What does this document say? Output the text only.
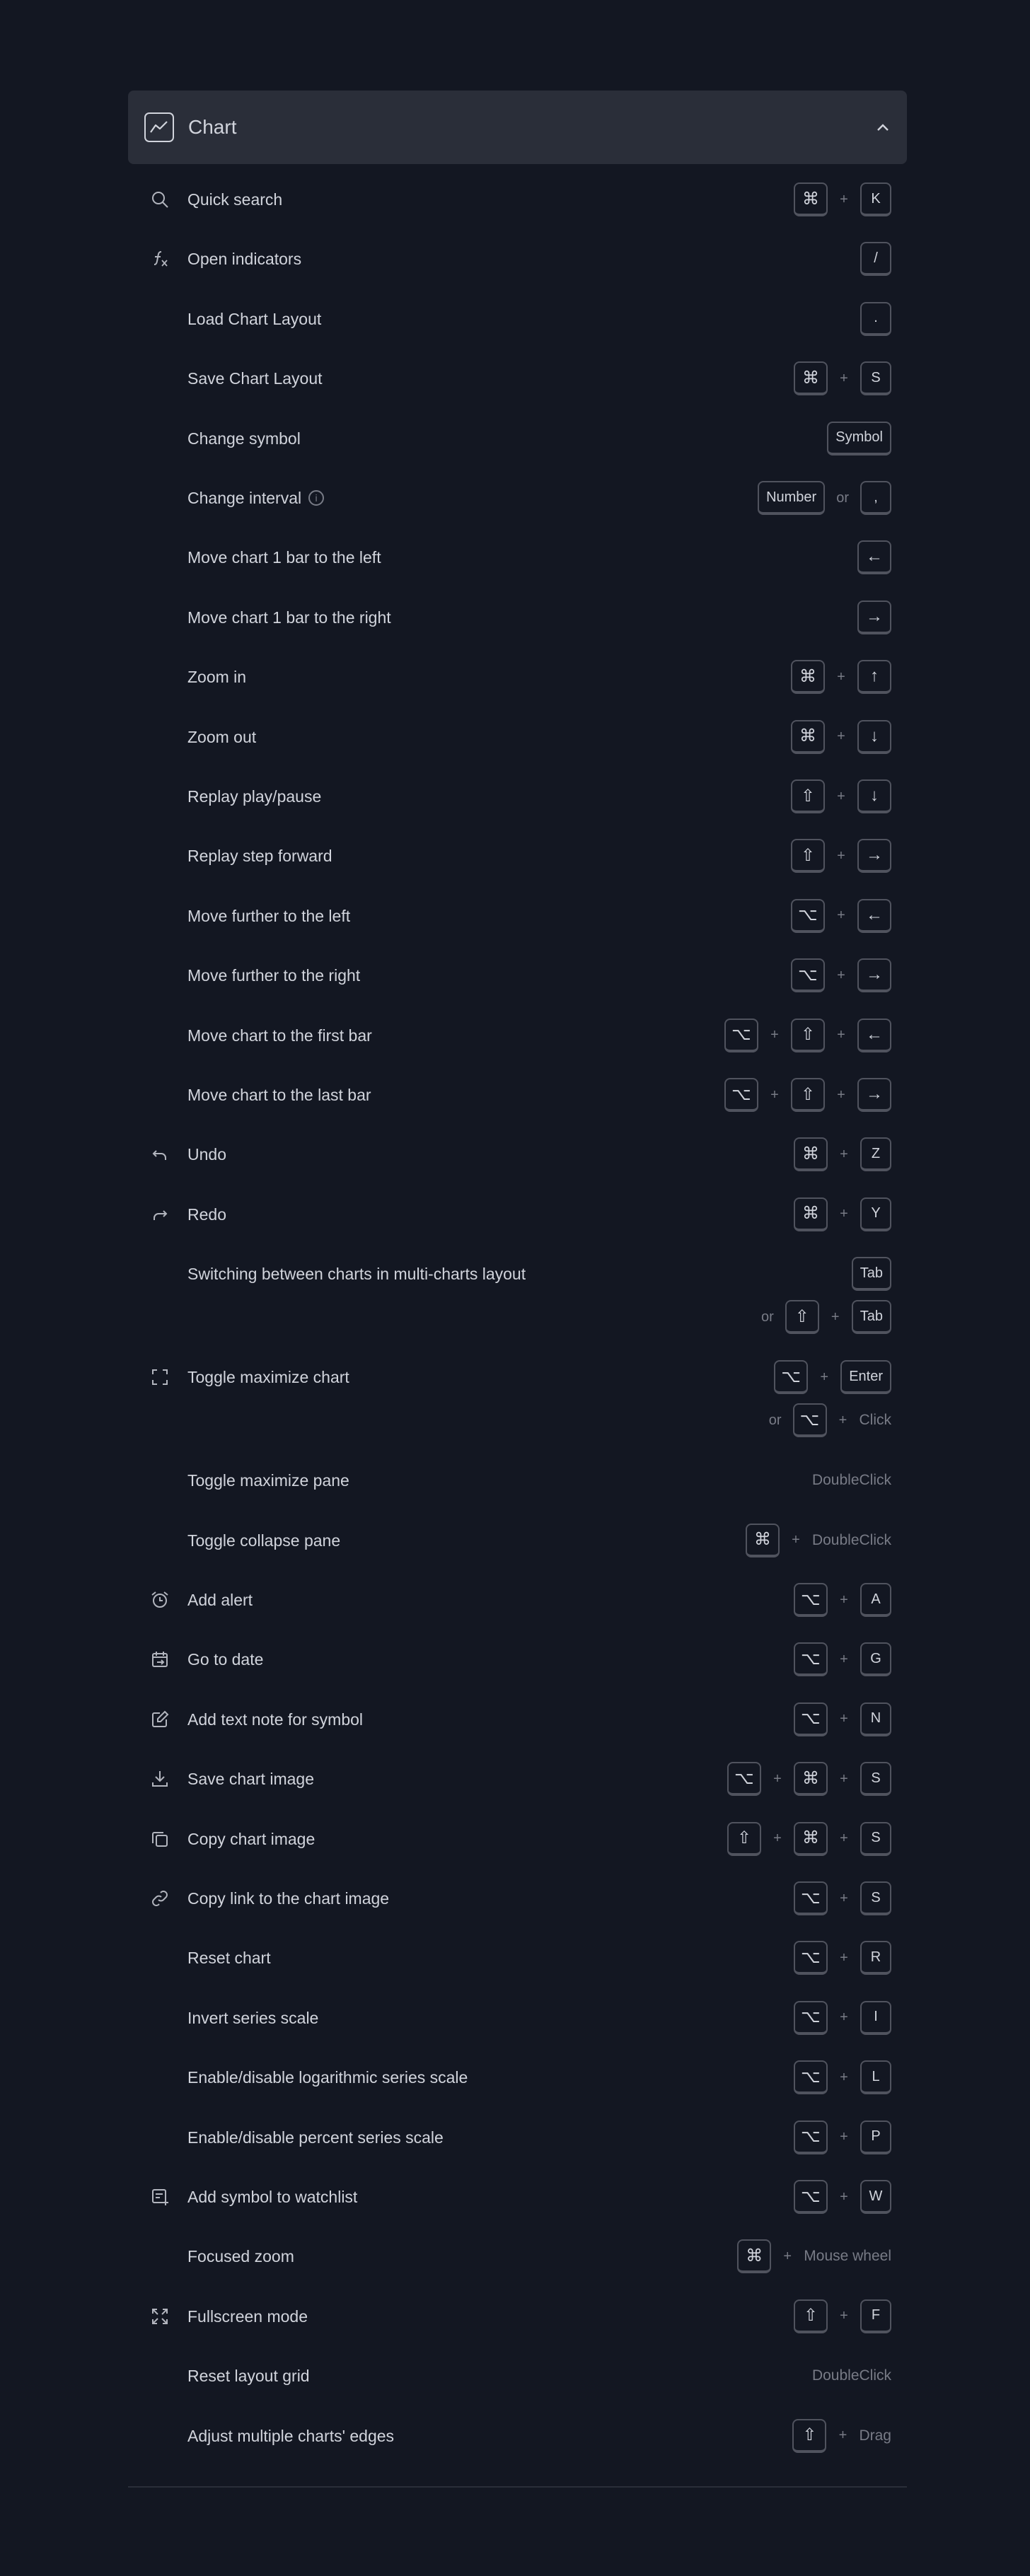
Chart
Quick search	⌘	+	K
Open indicators	/
Load Chart Layout	.
Save Chart Layout	⌘	+	S
Change symbol	Symbol
Change interval i	Number	or	,
Move chart 1 bar to the left	←
Move chart 1 bar to the right	→
Zoom in	⌘	+	↑
Zoom out	⌘	+	↓
Replay play/pause	⇧	+	↓
Replay step forward	⇧	+	→
Move further to the left	⌥	+	←
Move further to the right	⌥	+	→
Move chart to the first bar	⌥	+	⇧	+	←
Move chart to the last bar	⌥	+	⇧	+	→
Undo	⌘	+	Z
Redo	⌘	+	Y
Switching between charts in multi-charts layout	Tab
or	⇧	+	Tab
Toggle maximize chart	⌥	+	Enter
or	⌥	+ Click
Toggle maximize pane	DoubleClick
Toggle collapse pane	⌘	+ DoubleClick
Add alert	⌥	+	A
Go to date	⌥	+	G
Add text note for symbol	⌥	+	N
Save chart image	⌥	+	⌘	+	S
Copy chart image	⇧	+	⌘	+	S
Copy link to the chart image	⌥	+	S
Reset chart	⌥	+	R
Invert series scale	⌥	+	I
Enable/disable logarithmic series scale	⌥	+	L
Enable/disable percent series scale	⌥	+	P
Add symbol to watchlist	⌥	+	W
Focused zoom	⌘	+ Mouse wheel
Fullscreen mode	⇧	+	F
Reset layout grid	DoubleClick
Adjust multiple charts' edges	⇧	+ Drag
